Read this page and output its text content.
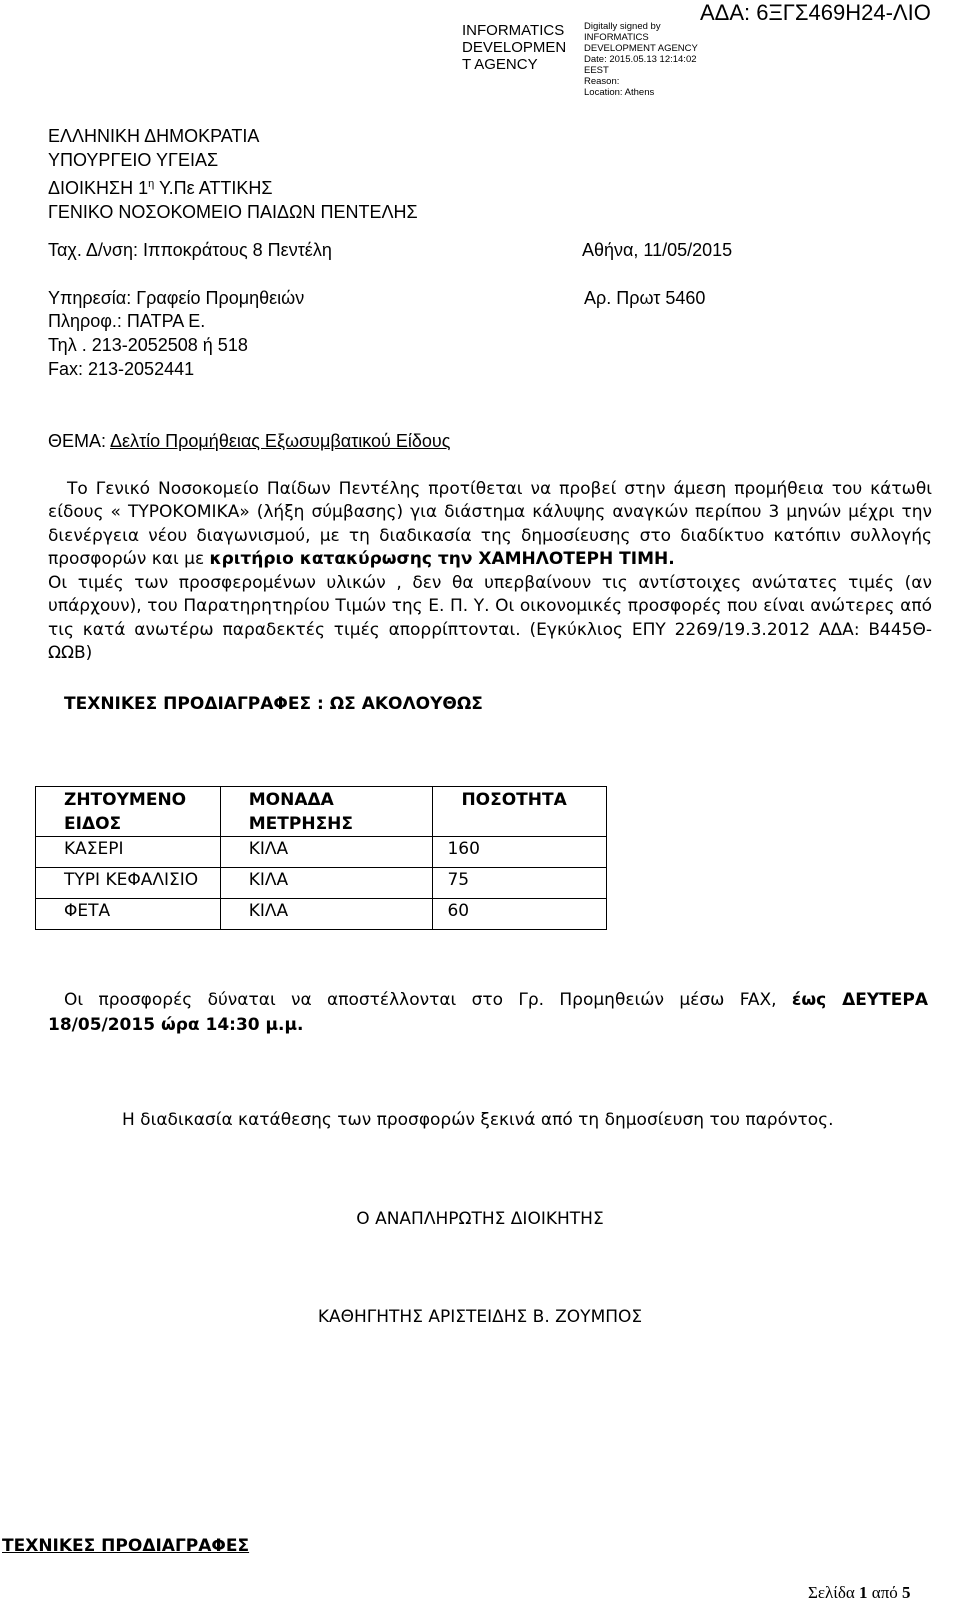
INFORMATICS
DEVELOPMEN
T AGENCY
Digitally signed by
INFORMATICS
DEVELOPMENT AGENCY
Date: 2015.05.13 12:14:02
EEST
Reason:
Location: Athens
ΑΔΑ: 6ΞΓΣ469Η24-ΛΙΟ
ΕΛΛΗΝΙΚΗ ΔΗΜΟΚΡΑΤΙΑ
ΥΠΟΥΡΓΕΙΟ ΥΓΕΙΑΣ
ΔΙΟΙΚΗΣΗ $1^\eta$ Υ.Πε ΑΤΤΙΚΗΣ
ΓΕΝΙΚΟ ΝΟΣΟΚΟΜΕΙΟ ΠΑΙΔΩΝ ΠΕΝΤΕΛΗΣ
Ταχ. Δ/νση: Ιπποκράτους 8 Πεντέλη	Αθήνα, 11/05/2015
Υπηρεσία: Γραφείο Προμηθειών	Αρ. Πρωτ 5460
Πληροφ.: ΠΑΤΡΑ Ε.
Τηλ . 213-2052508 ή 518
Fax: 213-2052441
ΘΕΜΑ: Δελτίο Προμήθειας Εξωσυμβατικού Είδους

Το Γενικό Νοσοκομείο Παίδων Πεντέλης προτίθεται να προβεί στην άμεση προμήθεια του κάτωθι είδους « ΤΥΡΟΚΟΜΙΚΑ» (λήξη σύμβασης) για διάστημα κάλυψης αναγκών περίπου 3 μηνών μέχρι την διενέργεια νέου διαγωνισμού, με τη διαδικασία της δημοσίευσης στο διαδίκτυο κατόπιν συλλογής προσφορών και με κριτήριο κατακύρωσης την ΧΑΜΗΛΟΤΕΡΗ ΤΙΜΗ.

Οι τιμές των προσφερομένων υλικών , δεν θα υπερβαίνουν τις αντίστοιχες ανώτατες τιμές (αν υπάρχουν), του Παρατηρητηρίου Τιμών της Ε. Π. Υ. Οι οικονομικές προσφορές που είναι ανώτερες από τις κατά ανωτέρω παραδεκτές τιμές απορρίπτονται. (Εγκύκλιος ΕΠΥ 2269/19.3.2012 ΑΔΑ: Β445Θ-ΩΩΒ)

ΤΕΧΝΙΚΕΣ ΠΡΟΔΙΑΓΡΑΦΕΣ : ΩΣ ΑΚΟΛΟΥΘΩΣ
ΖΗΤΟΥΜΕΝΟ ΕΙΔΟΣ	ΜΟΝΑΔΑ ΜΕΤΡΗΣΗΣ	ΠΟΣΟΤΗΤΑ
ΚΑΣΕΡΙ	ΚΙΛΑ	160
ΤΥΡΙ ΚΕΦΑΛΙΣΙΟ	ΚΙΛΑ	75
ΦΕΤΑ	ΚΙΛΑ	60

Οι προσφορές δύναται να αποστέλλονται στο Γρ. Προμηθειών μέσω FAX, έως ΔΕΥΤΕΡΑ 18/05/2015 ώρα 14:30 μ.μ.

Η διαδικασία κατάθεσης των προσφορών ξεκινά από τη δημοσίευση του παρόντος.
Ο ΑΝΑΠΛΗΡΩΤΗΣ ΔΙΟΙΚΗΤΗΣ
ΚΑΘΗΓΗΤΗΣ ΑΡΙΣΤΕΙΔΗΣ Β. ΖΟΥΜΠΟΣ
ΤΕΧΝΙΚΕΣ ΠΡΟΔΙΑΓΡΑΦΕΣ
Σελίδα 1 από 5
